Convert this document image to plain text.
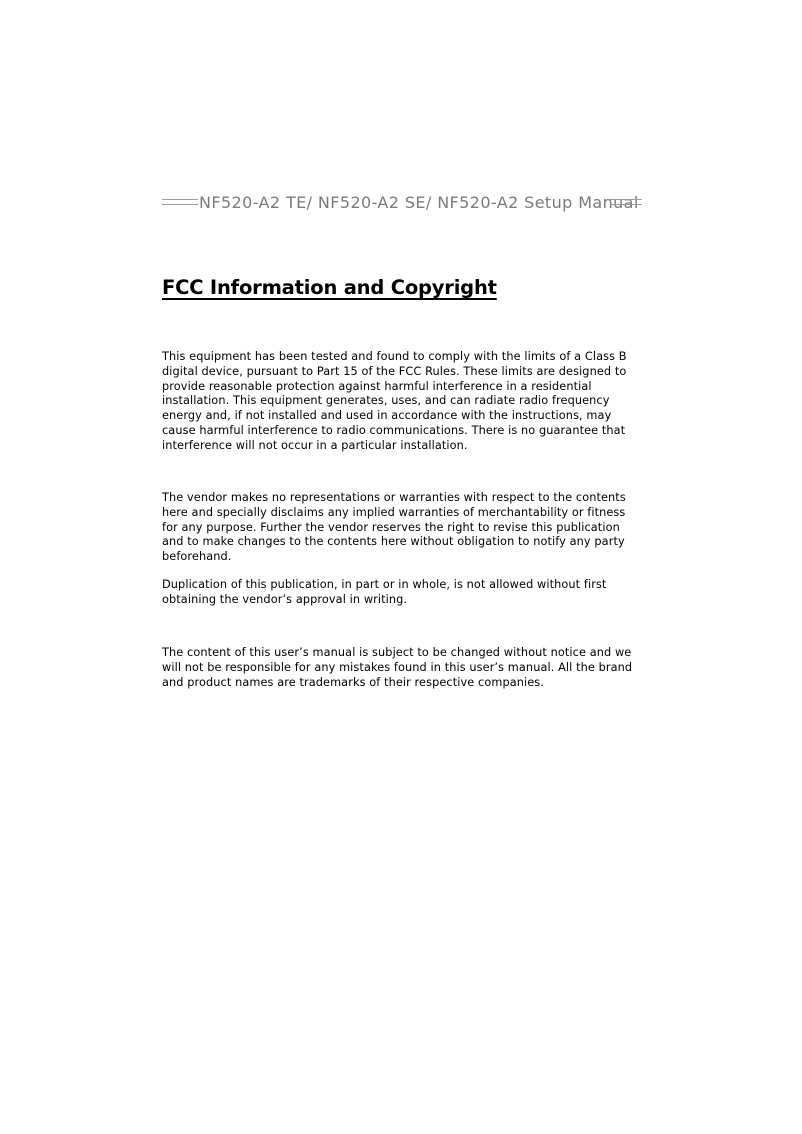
NF520-A2 TE/ NF520-A2 SE/ NF520-A2 Setup Manual
FCC Information and Copyright

This equipment has been tested and found to comply with the limits of a Class B digital device, pursuant to Part 15 of the FCC Rules. These limits are designed to provide reasonable protection against harmful interference in a residential installation. This equipment generates, uses, and can radiate radio frequency energy and, if not installed and used in accordance with the instructions, may cause harmful interference to radio communications. There is no guarantee that interference will not occur in a particular installation.

The vendor makes no representations or warranties with respect to the contents here and specially disclaims any implied warranties of merchantability or fitness for any purpose. Further the vendor reserves the right to revise this publication and to make changes to the contents here without obligation to notify any party beforehand.

Duplication of this publication, in part or in whole, is not allowed without first obtaining the vendor’s approval in writing.

The content of this user’s manual is subject to be changed without notice and we will not be responsible for any mistakes found in this user’s manual. All the brand and product names are trademarks of their respective companies.
